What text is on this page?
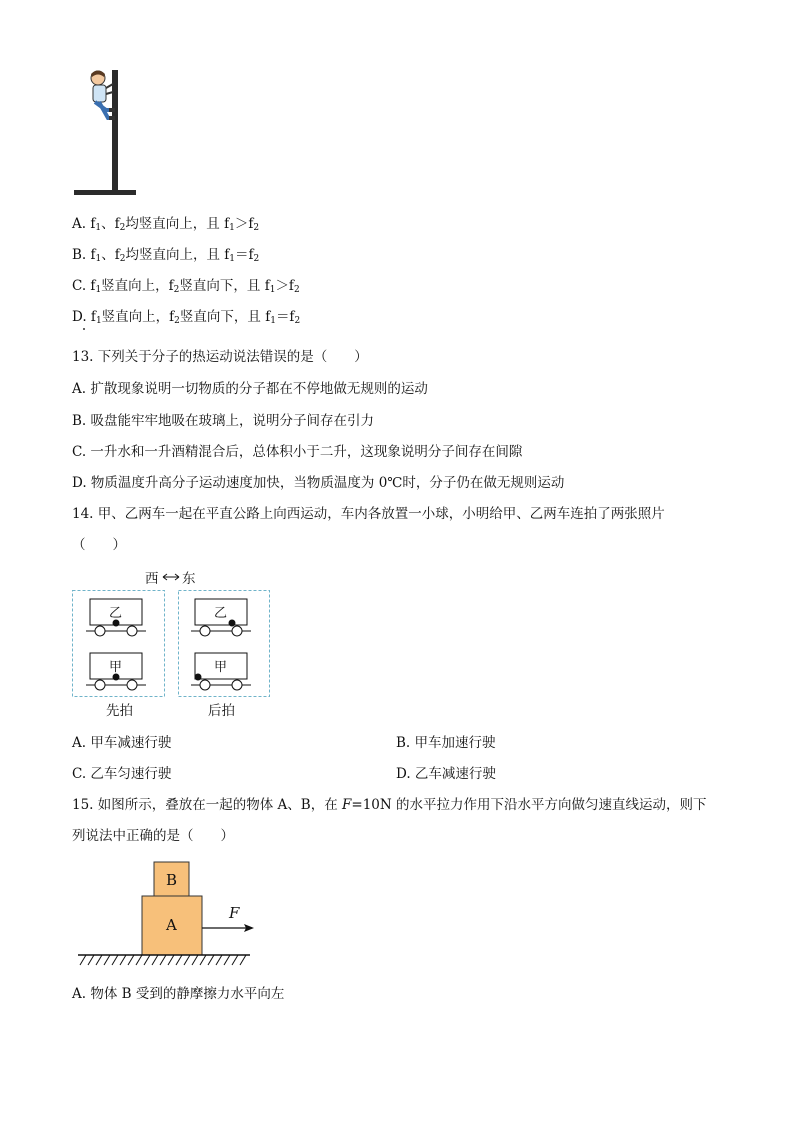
A. $f_1$、$f_2$均竖直向上，且 $f_1>f_2$
B. $f_1$、$f_2$均竖直向上，且 $f_1=f_2$
C. $f_1$竖直向上，$f_2$竖直向下，且 $f_1>f_2$
D. $f_1$竖直向上，$f_2$竖直向下，且 $f_1=f_2$
13. 下列关于分子的热运动说法错误的是（　　）
A. 扩散现象说明一切物质的分子都在不停地做无规则的运动
B. 吸盘能牢牢地吸在玻璃上，说明分子间存在引力
C. 一升水和一升酒精混合后，总体积小于二升，这现象说明分子间存在间隙
D. 物质温度升高分子运动速度加快，当物质温度为 0℃时，分子仍在做无规则运动
14. 甲、乙两车一起在平直公路上向西运动，车内各放置一小球，小明给甲、乙两车连拍了两张照片
（　　）
西 东
乙
甲
乙
甲
先拍	后拍
A. 甲车减速行驶	B. 甲车加速行驶
C. 乙车匀速行驶	D. 乙车减速行驶
15. 如图所示，叠放在一起的物体 A、B，在 F=10N 的水平拉力作用下沿水平方向做匀速直线运动，则下
列说法中正确的是（　　）
B
A
F
A. 物体 B 受到的静摩擦力水平向左
